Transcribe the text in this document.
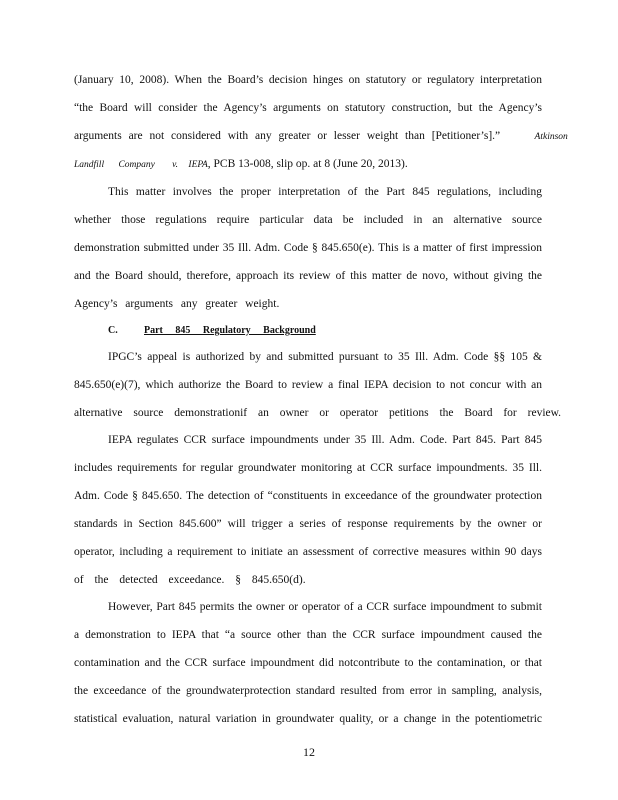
(January 10, 2008). When the Board’s decision hinges on statutory or regulatory interpretation
“the Board will consider the Agency’s arguments on statutory construction, but the Agency’s
arguments are not considered with any greater or lesser weight than [Petitioner’s].”	Atkinson
Landfill Company v. IEPA, PCB 13-008, slip op. at 8 (June 20, 2013).
This matter involves the proper interpretation of the Part 845 regulations, including
whether those regulations require particular data be included in an alternative source
demonstration submitted under 35 Ill. Adm. Code § 845.650(e). This is a matter of first impression
and the Board should, therefore, approach its review of this matter de novo, without giving the
Agency’s arguments any greater weight.
C.	Part 845 Regulatory Background
IPGC’s appeal is authorized by and submitted pursuant to 35 Ill. Adm. Code §§ 105 &
845.650(e)(7), which authorize the Board to review a final IEPA decision to not concur with an
alternative source demonstrationif an owner or operator petitions the Board for review.
IEPA regulates CCR surface impoundments under 35 Ill. Adm. Code. Part 845. Part 845
includes requirements for regular groundwater monitoring at CCR surface impoundments. 35 Ill.
Adm. Code § 845.650. The detection of “constituents in exceedance of the groundwater protection
standards in Section 845.600” will trigger a series of response requirements by the owner or
operator, including a requirement to initiate an assessment of corrective measures within 90 days
of the detected exceedance. § 845.650(d).
However, Part 845 permits the owner or operator of a CCR surface impoundment to submit
a demonstration to IEPA that “a source other than the CCR surface impoundment caused the
contamination and the CCR surface impoundment did notcontribute to the contamination, or that
the exceedance of the groundwaterprotection standard resulted from error in sampling, analysis,
statistical evaluation, natural variation in groundwater quality, or a change in the potentiometric
12
